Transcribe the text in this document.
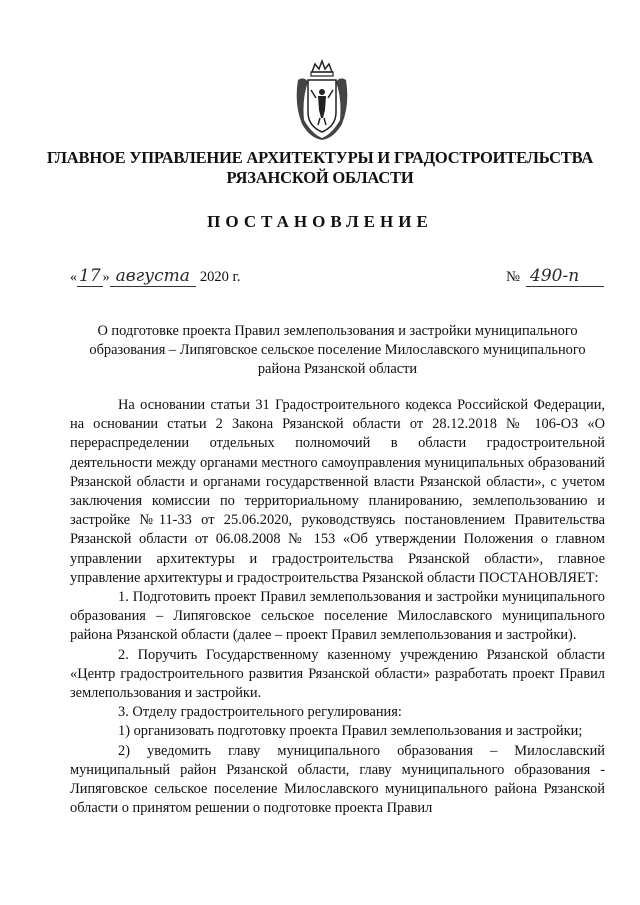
ГЛАВНОЕ УПРАВЛЕНИЕ АРХИТЕКТУРЫ И ГРАДОСТРОИТЕЛЬСТВА
РЯЗАНСКОЙ ОБЛАСТИ
ПОСТАНОВЛЕНИЕ
« 17 » августа 2020 г.	№ 490-п
О подготовке проекта Правил землепользования и застройки муниципального образования – Липяговское сельское поселение Милославского муниципального района Рязанской области

На основании статьи 31 Градостроительного кодекса Российской Федерации, на основании статьи 2 Закона Рязанской области от 28.12.2018 № 106-ОЗ «О перераспределении отдельных полномочий в области градостроительной деятельности между органами местного самоуправления муниципальных образований Рязанской области и органами государственной власти Рязанской области», с учетом заключения комиссии по территориальному планированию, землепользованию и застройке №11-33 от 25.06.2020, руководствуясь постановлением Правительства Рязанской области от 06.08.2008 № 153 «Об утверждении Положения о главном управлении архитектуры и градостроительства Рязанской области», главное управление архитектуры и градостроительства Рязанской области ПОСТАНОВЛЯЕТ:

1. Подготовить проект Правил землепользования и застройки муниципального образования – Липяговское сельское поселение Милославского муниципального района Рязанской области (далее – проект Правил землепользования и застройки).

2. Поручить Государственному казенному учреждению Рязанской области «Центр градостроительного развития Рязанской области» разработать проект Правил землепользования и застройки.

3. Отделу градостроительного регулирования:

1) организовать подготовку проекта Правил землепользования и застройки;

2) уведомить главу муниципального образования – Милославский муниципальный район Рязанской области, главу муниципального образования - Липяговское сельское поселение Милославского муниципального района Рязанской области о принятом решении о подготовке проекта Правил
